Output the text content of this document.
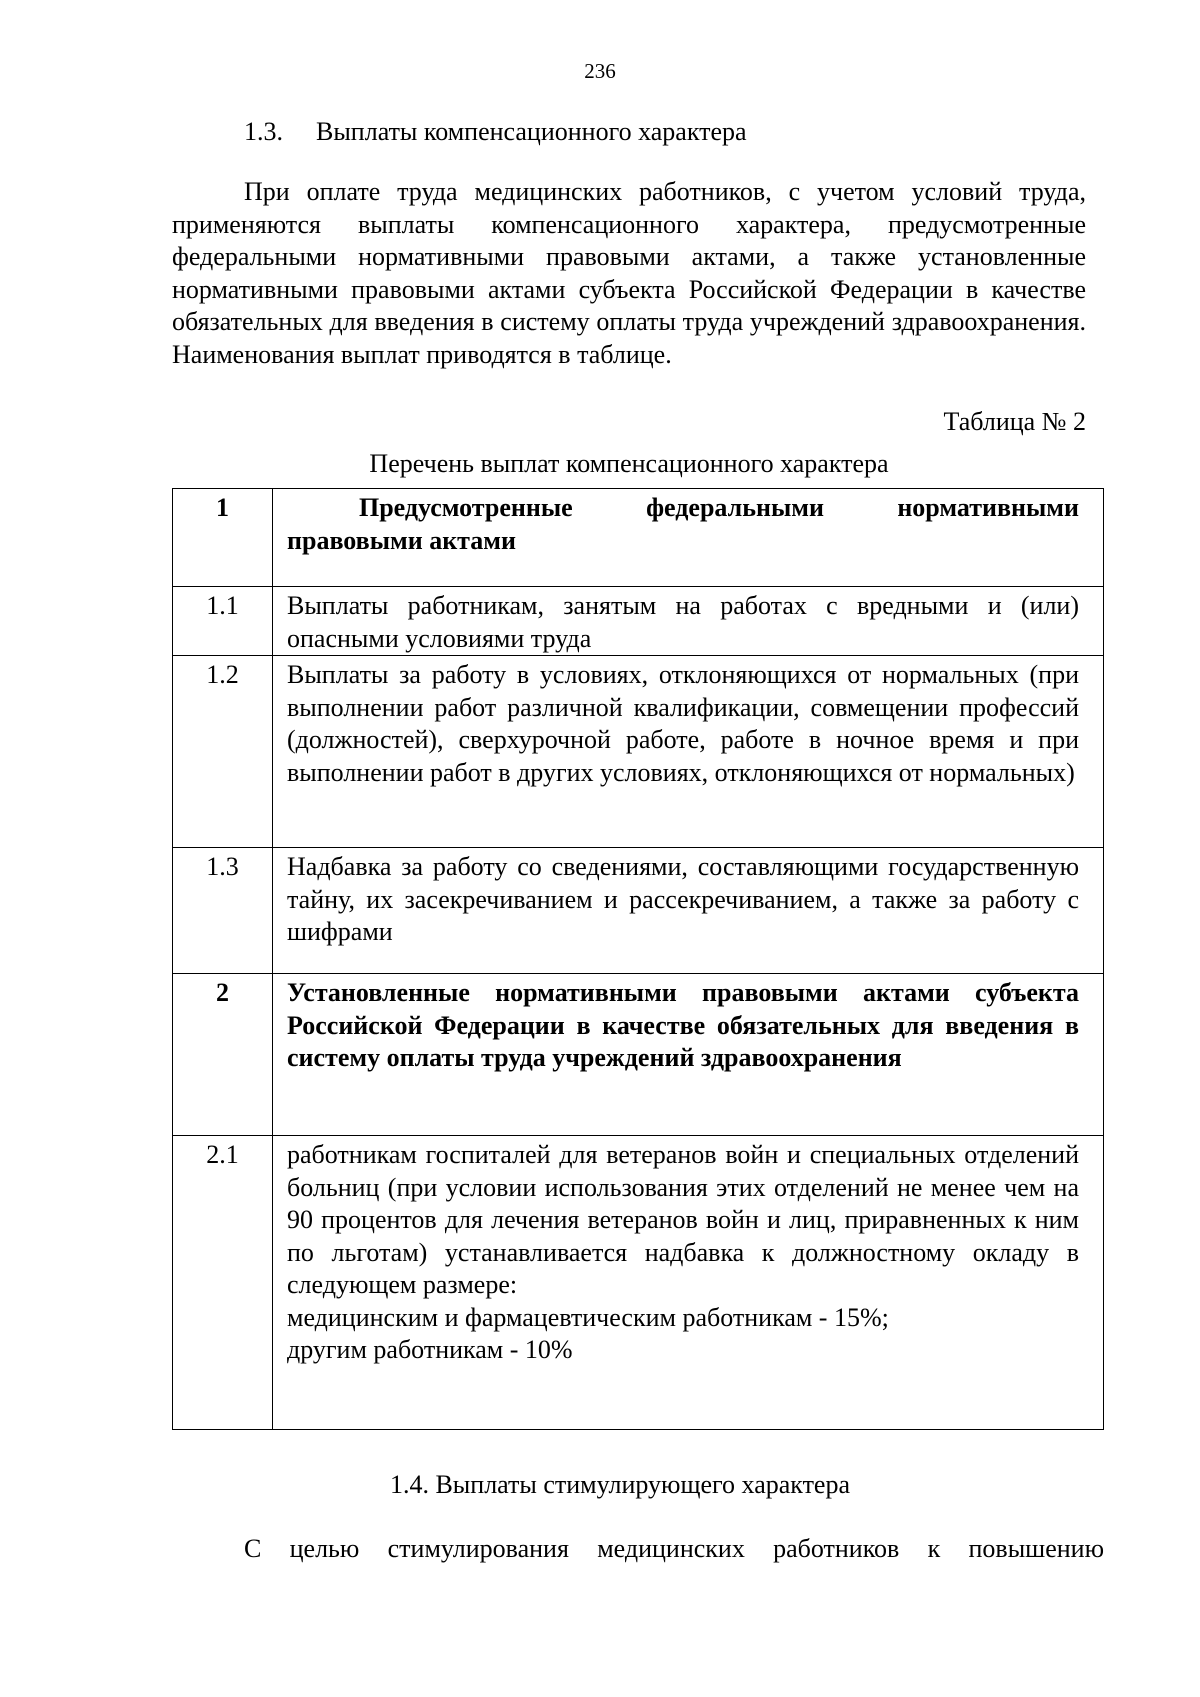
236
1.3. Выплаты компенсационного характера

При оплате труда медицинских работников, с учетом условий труда, применяются выплаты компенсационного характера, предусмотренные федеральными нормативными правовыми актами, а также установленные нормативными правовыми актами субъекта Российской Федерации в качестве обязательных для введения в систему оплаты труда учреждений здравоохранения. Наименования выплат приводятся в таблице.

Таблица № 2
Перечень выплат компенсационного характера
1	Предусмотренные федеральными нормативными правовыми актами
1.1	Выплаты работникам, занятым на работах с вредными и (или) опасными условиями труда
1.2	Выплаты за работу в условиях, отклоняющихся от нормальных (при выполнении работ различной квалификации, совмещении профессий (должностей), сверхурочной работе, работе в ночное время и при выполнении работ в других условиях, отклоняющихся от нормальных)
1.3	Надбавка за работу со сведениями, составляющими государственную тайну, их засекречиванием и рассекречиванием, а также за работу с шифрами
2	Установленные нормативными правовыми актами субъекта Российской Федерации в качестве обязательных для введения в систему оплаты труда учреждений здравоохранения
2.1	работникам госпиталей для ветеранов войн и специальных отделений больниц (при условии использования этих отделений не менее чем на 90 процентов для лечения ветеранов войн и лиц, приравненных к ним по льготам) устанавливается надбавка к должностному окладу в следующем размере:
медицинским и фармацевтическим работникам - 15%;
другим работникам - 10%
1.4. Выплаты стимулирующего характера

С целью стимулирования медицинских работников к повышению
